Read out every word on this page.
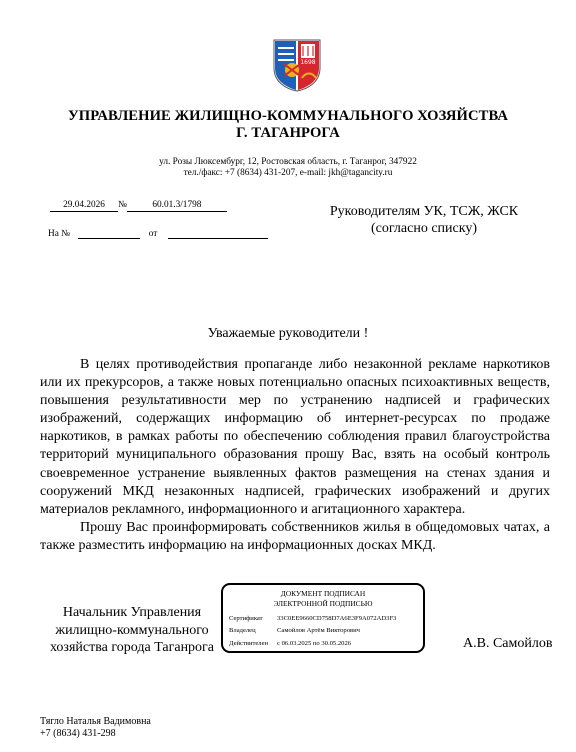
1698
УПРАВЛЕНИЕ ЖИЛИЩНО-КОММУНАЛЬНОГО ХОЗЯЙСТВА
Г. ТАГАНРОГА
ул. Розы Люксембург, 12, Ростовская область, г. Таганрог, 347922
тел./факс: +7 (8634) 431-207, e-mail: jkh@tagancity.ru
29.04.2026 №	60.01.3/1798
На №	от
Руководителям УК, ТСЖ, ЖСК
(согласно списку)
Уважаемые руководители !

В целях противодействия пропаганде либо незаконной рекламе наркотиков или их прекурсоров, а также новых потенциально опасных психоактивных веществ, повышения результативности мер по устранению надписей и графических изображений, содержащих информацию об интернет-ресурсах по продаже наркотиков, в рамках работы по обеспечению соблюдения правил благоустройства территорий муниципального образования прошу Вас, взять на особый контроль своевременное устранение выявленных фактов размещения на стенах здания и сооружений МКД незаконных надписей, графических изображений и других материалов рекламного, информационного и агитационного характера.

Прошу Вас проинформировать собственников жилья в общедомовых чатах, а также разместить информацию на информационных досках МКД.

Начальник Управления
жилищно-коммунального
хозяйства города Таганрога
ДОКУМЕНТ ПОДПИСАН
ЭЛЕКТРОННОЙ ПОДПИСЬЮ
Сертификат 33C0EE9660CD758D7A6E3F9A072AD3F3
Владелец	Самойлов Артём Викторович
Действителен с 06.03.2025 по 30.05.2026	А.В. Самойлов
Тягло Наталья Вадимовна
+7 (8634) 431-298
